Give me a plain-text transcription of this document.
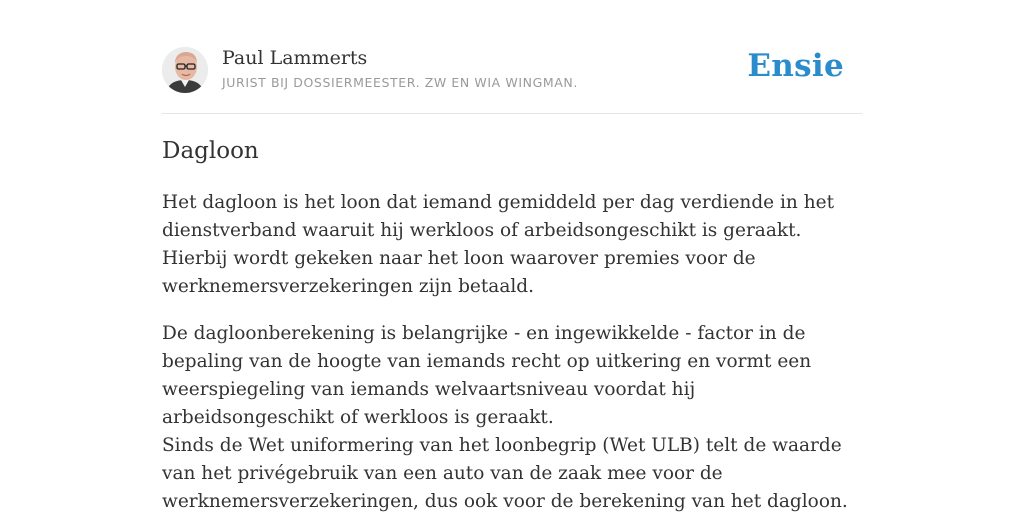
Paul Lammerts
JURIST BIJ DOSSIERMEESTER. ZW EN WIA WINGMAN.	Ensie
Dagloon

Het dagloon is het loon dat iemand gemiddeld per dag verdiende in het dienstverband waaruit hij werkloos of arbeidsongeschikt is geraakt. Hierbij wordt gekeken naar het loon waarover premies voor de werknemersverzekeringen zijn betaald.

De dagloonberekening is belangrijke - en ingewikkelde - factor in de bepaling van de hoogte van iemands recht op uitkering en vormt een weerspiegeling van iemands welvaartsniveau voordat hij arbeidsongeschikt of werkloos is geraakt.

Sinds de Wet uniformering van het loonbegrip (Wet ULB) telt de waarde van het privégebruik van een auto van de zaak mee voor de werknemersverzekeringen, dus ook voor de berekening van het dagloon.
